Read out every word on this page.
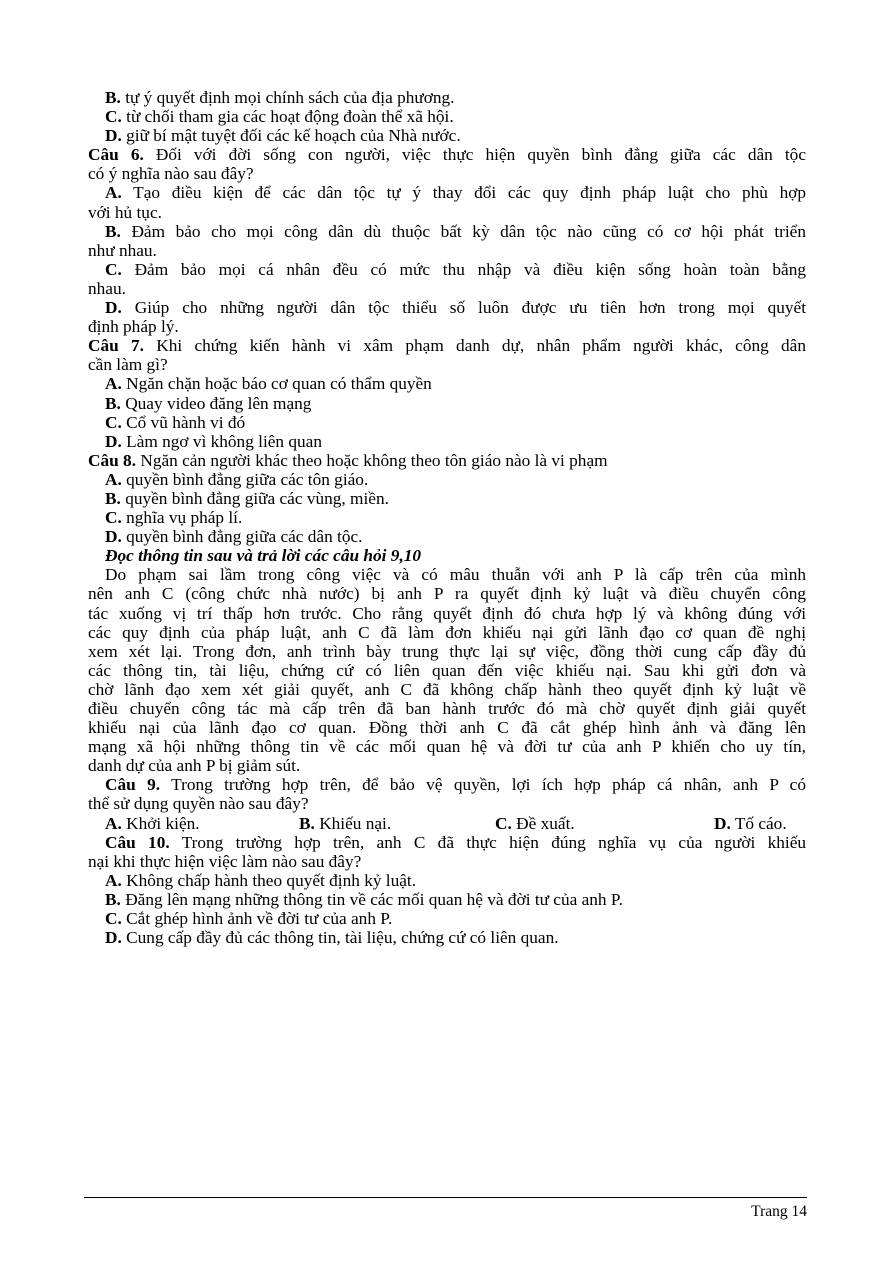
B. tự ý quyết định mọi chính sách của địa phương.
C. từ chối tham gia các hoạt động đoàn thể xã hội.
D. giữ bí mật tuyệt đối các kế hoạch của Nhà nước.
Câu 6. Đối với đời sống con người, việc thực hiện quyền bình đẳng giữa các dân tộc
có ý nghĩa nào sau đây?
A. Tạo điều kiện để các dân tộc tự ý thay đổi các quy định pháp luật cho phù hợp
với hủ tục.
B. Đảm bảo cho mọi công dân dù thuộc bất kỳ dân tộc nào cũng có cơ hội phát triển
như nhau.
C. Đảm bảo mọi cá nhân đều có mức thu nhập và điều kiện sống hoàn toàn bằng
nhau.
D. Giúp cho những người dân tộc thiểu số luôn được ưu tiên hơn trong mọi quyết
định pháp lý.
Câu 7. Khi chứng kiến hành vi xâm phạm danh dự, nhân phẩm người khác, công dân
cần làm gì?
A. Ngăn chặn hoặc báo cơ quan có thẩm quyền
B. Quay video đăng lên mạng
C. Cổ vũ hành vi đó
D. Làm ngơ vì không liên quan
Câu 8. Ngăn cản người khác theo hoặc không theo tôn giáo nào là vi phạm
A. quyền bình đẳng giữa các tôn giáo.
B. quyền bình đẳng giữa các vùng, miền.
C. nghĩa vụ pháp lí.
D. quyền bình đẳng giữa các dân tộc.
Đọc thông tin sau và trả lời các câu hỏi 9,10
Do phạm sai lầm trong công việc và có mâu thuẫn với anh P là cấp trên của mình
nên anh C (công chức nhà nước) bị anh P ra quyết định kỷ luật và điều chuyển công
tác xuống vị trí thấp hơn trước. Cho rằng quyết định đó chưa hợp lý và không đúng với
các quy định của pháp luật, anh C đã làm đơn khiếu nại gửi lãnh đạo cơ quan đề nghị
xem xét lại. Trong đơn, anh trình bày trung thực lại sự việc, đồng thời cung cấp đầy đủ
các thông tin, tài liệu, chứng cứ có liên quan đến việc khiếu nại. Sau khi gửi đơn và
chờ lãnh đạo xem xét giải quyết, anh C đã không chấp hành theo quyết định kỷ luật về
điều chuyển công tác mà cấp trên đã ban hành trước đó mà chờ quyết định giải quyết
khiếu nại của lãnh đạo cơ quan. Đồng thời anh C đã cắt ghép hình ảnh và đăng lên
mạng xã hội những thông tin về các mối quan hệ và đời tư của anh P khiến cho uy tín,
danh dự của anh P bị giảm sút.
Câu 9. Trong trường hợp trên, để bảo vệ quyền, lợi ích hợp pháp cá nhân, anh P có
thể sử dụng quyền nào sau đây?
A. Khởi kiện.	B. Khiếu nại.	C. Đề xuất.	D. Tố cáo.
Câu 10. Trong trường hợp trên, anh C đã thực hiện đúng nghĩa vụ của người khiếu
nại khi thực hiện việc làm nào sau đây?
A. Không chấp hành theo quyết định kỷ luật.
B. Đăng lên mạng những thông tin về các mối quan hệ và đời tư của anh P.
C. Cắt ghép hình ảnh về đời tư của anh P.
D. Cung cấp đầy đủ các thông tin, tài liệu, chứng cứ có liên quan.
Trang 14
